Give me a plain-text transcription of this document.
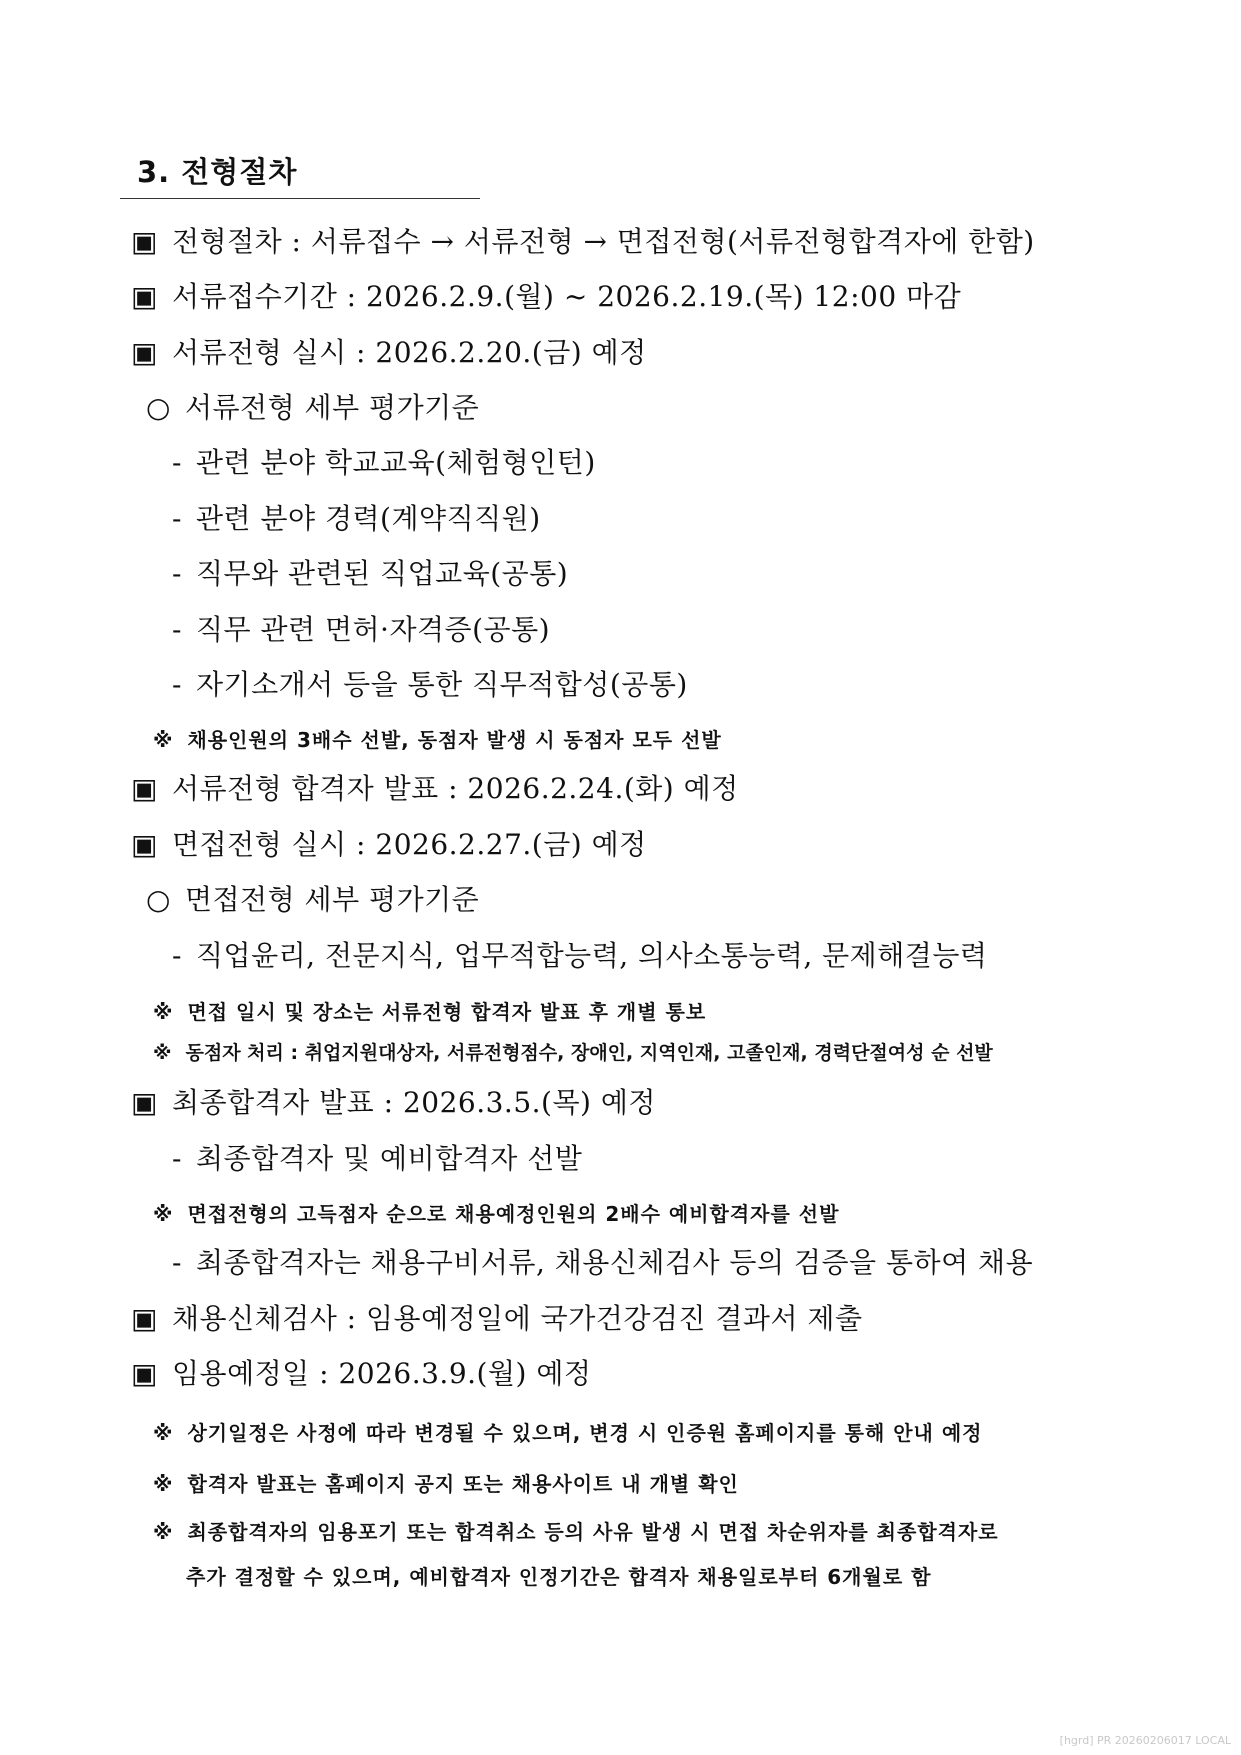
3. 전형절차
▣ 전형절차 : 서류접수 → 서류전형 → 면접전형(서류전형합격자에 한함)
▣ 서류접수기간 : 2026.2.9.(월) ~ 2026.2.19.(목) 12:00 마감
▣ 서류전형 실시 : 2026.2.20.(금) 예정
○ 서류전형 세부 평가기준
- 관련 분야 학교교육(체험형인턴)
- 관련 분야 경력(계약직직원)
- 직무와 관련된 직업교육(공통)
- 직무 관련 면허·자격증(공통)
- 자기소개서 등을 통한 직무적합성(공통)
※ 채용인원의 3배수 선발, 동점자 발생 시 동점자 모두 선발
▣ 서류전형 합격자 발표 : 2026.2.24.(화) 예정
▣ 면접전형 실시 : 2026.2.27.(금) 예정
○ 면접전형 세부 평가기준
- 직업윤리, 전문지식, 업무적합능력, 의사소통능력, 문제해결능력
※ 면접 일시 및 장소는 서류전형 합격자 발표 후 개별 통보
※ 동점자 처리 : 취업지원대상자, 서류전형점수, 장애인, 지역인재, 고졸인재, 경력단절여성 순 선발
▣ 최종합격자 발표 : 2026.3.5.(목) 예정
- 최종합격자 및 예비합격자 선발
※ 면접전형의 고득점자 순으로 채용예정인원의 2배수 예비합격자를 선발
- 최종합격자는 채용구비서류, 채용신체검사 등의 검증을 통하여 채용
▣ 채용신체검사 : 임용예정일에 국가건강검진 결과서 제출
▣ 임용예정일 : 2026.3.9.(월) 예정
※ 상기일정은 사정에 따라 변경될 수 있으며, 변경 시 인증원 홈페이지를 통해 안내 예정
※ 합격자 발표는 홈페이지 공지 또는 채용사이트 내 개별 확인
※ 최종합격자의 임용포기 또는 합격취소 등의 사유 발생 시 면접 차순위자를 최종합격자로
추가 결정할 수 있으며, 예비합격자 인정기간은 합격자 채용일로부터 6개월로 함
[hgrd] PR 20260206017 LOCAL
